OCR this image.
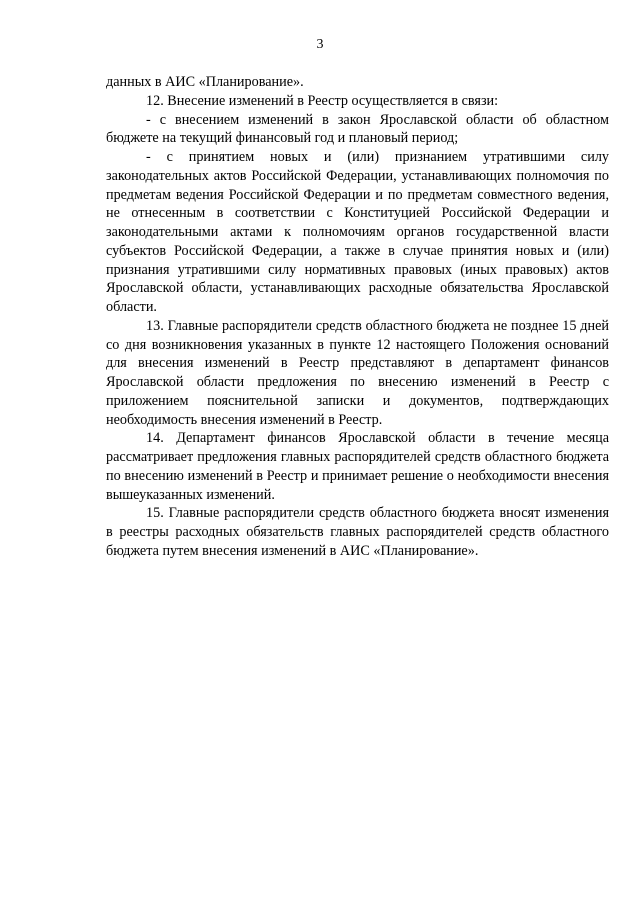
3

данных в АИС «Планирование».

12. Внесение изменений в Реестр осуществляется в связи:

- с внесением изменений в закон Ярославской области об областном бюджете на текущий финансовый год и плановый период;

- с принятием новых и (или) признанием утратившими силу законодательных актов Российской Федерации, устанавливающих полномочия по предметам ведения Российской Федерации и по предметам совместного ведения, не отнесенным в соответствии с Конституцией Российской Федерации и законодательными актами к полномочиям органов государственной власти субъектов Российской Федерации, а также в случае принятия новых и (или) признания утратившими силу нормативных правовых (иных правовых) актов Ярославской области, устанавливающих расходные обязательства Ярославской области.

13. Главные распорядители средств областного бюджета не позднее 15 дней со дня возникновения указанных в пункте 12 настоящего Положения оснований для внесения изменений в Реестр представляют в департамент финансов Ярославской области предложения по внесению изменений в Реестр с приложением пояснительной записки и документов, подтверждающих необходимость внесения изменений в Реестр.

14. Департамент финансов Ярославской области в течение месяца рассматривает предложения главных распорядителей средств областного бюджета по внесению изменений в Реестр и принимает решение о необходимости внесения вышеуказанных изменений.

15. Главные распорядители средств областного бюджета вносят изменения в реестры расходных обязательств главных распорядителей средств областного бюджета путем внесения изменений в АИС «Планирование».
